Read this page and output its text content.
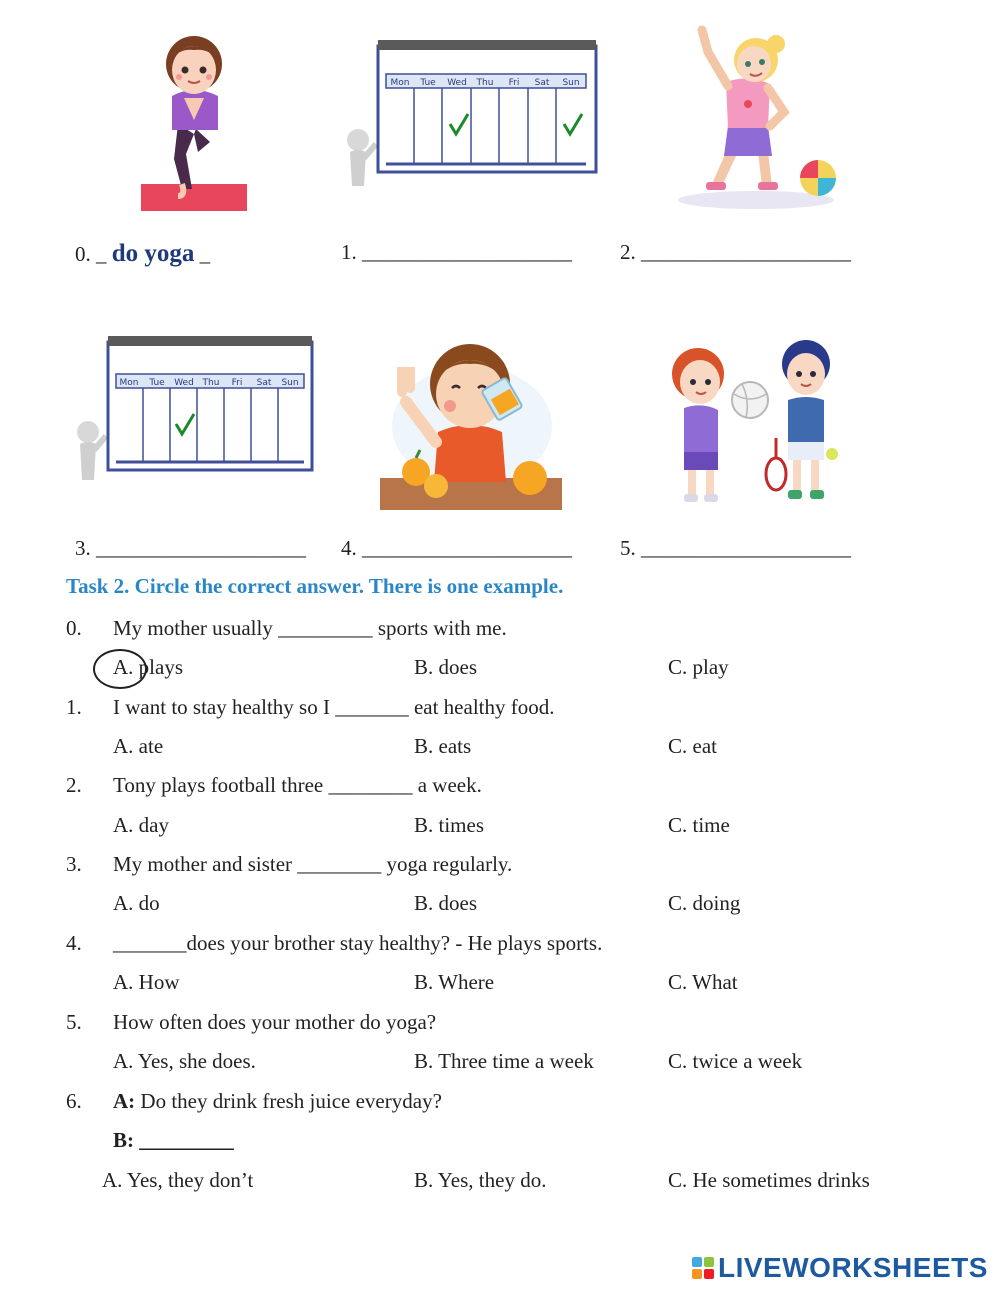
0. _ do yoga _
Mon Tue Wed Thu Fri Sat Sun
1. ____________________ 2. ____________________
Mon Tue Wed Thu Fri Sat Sun
3. ____________________ 4. ____________________ 5. ____________________
Task 2. Circle the correct answer. There is one example.
0. My mother usually _________ sports with me.
A. plays	B. does	C. play
1. I want to stay healthy so I _______ eat healthy food.
A. ate	B. eats	C. eat
2. Tony plays football three ________ a week.
A. day	B. times	C. time
3. My mother and sister ________ yoga regularly.
A. do	B. does	C. doing
4. _______does your brother stay healthy? - He plays sports.
A. How	B. Where	C. What
5. How often does your mother do yoga?
A. Yes, she does.	B. Three time a week	C. twice a week
6. A: Do they drink fresh juice everyday?
B: _________
A. Yes, they don’t	B. Yes, they do.	C. He sometimes drinks
LIVEWORKSHEETS
